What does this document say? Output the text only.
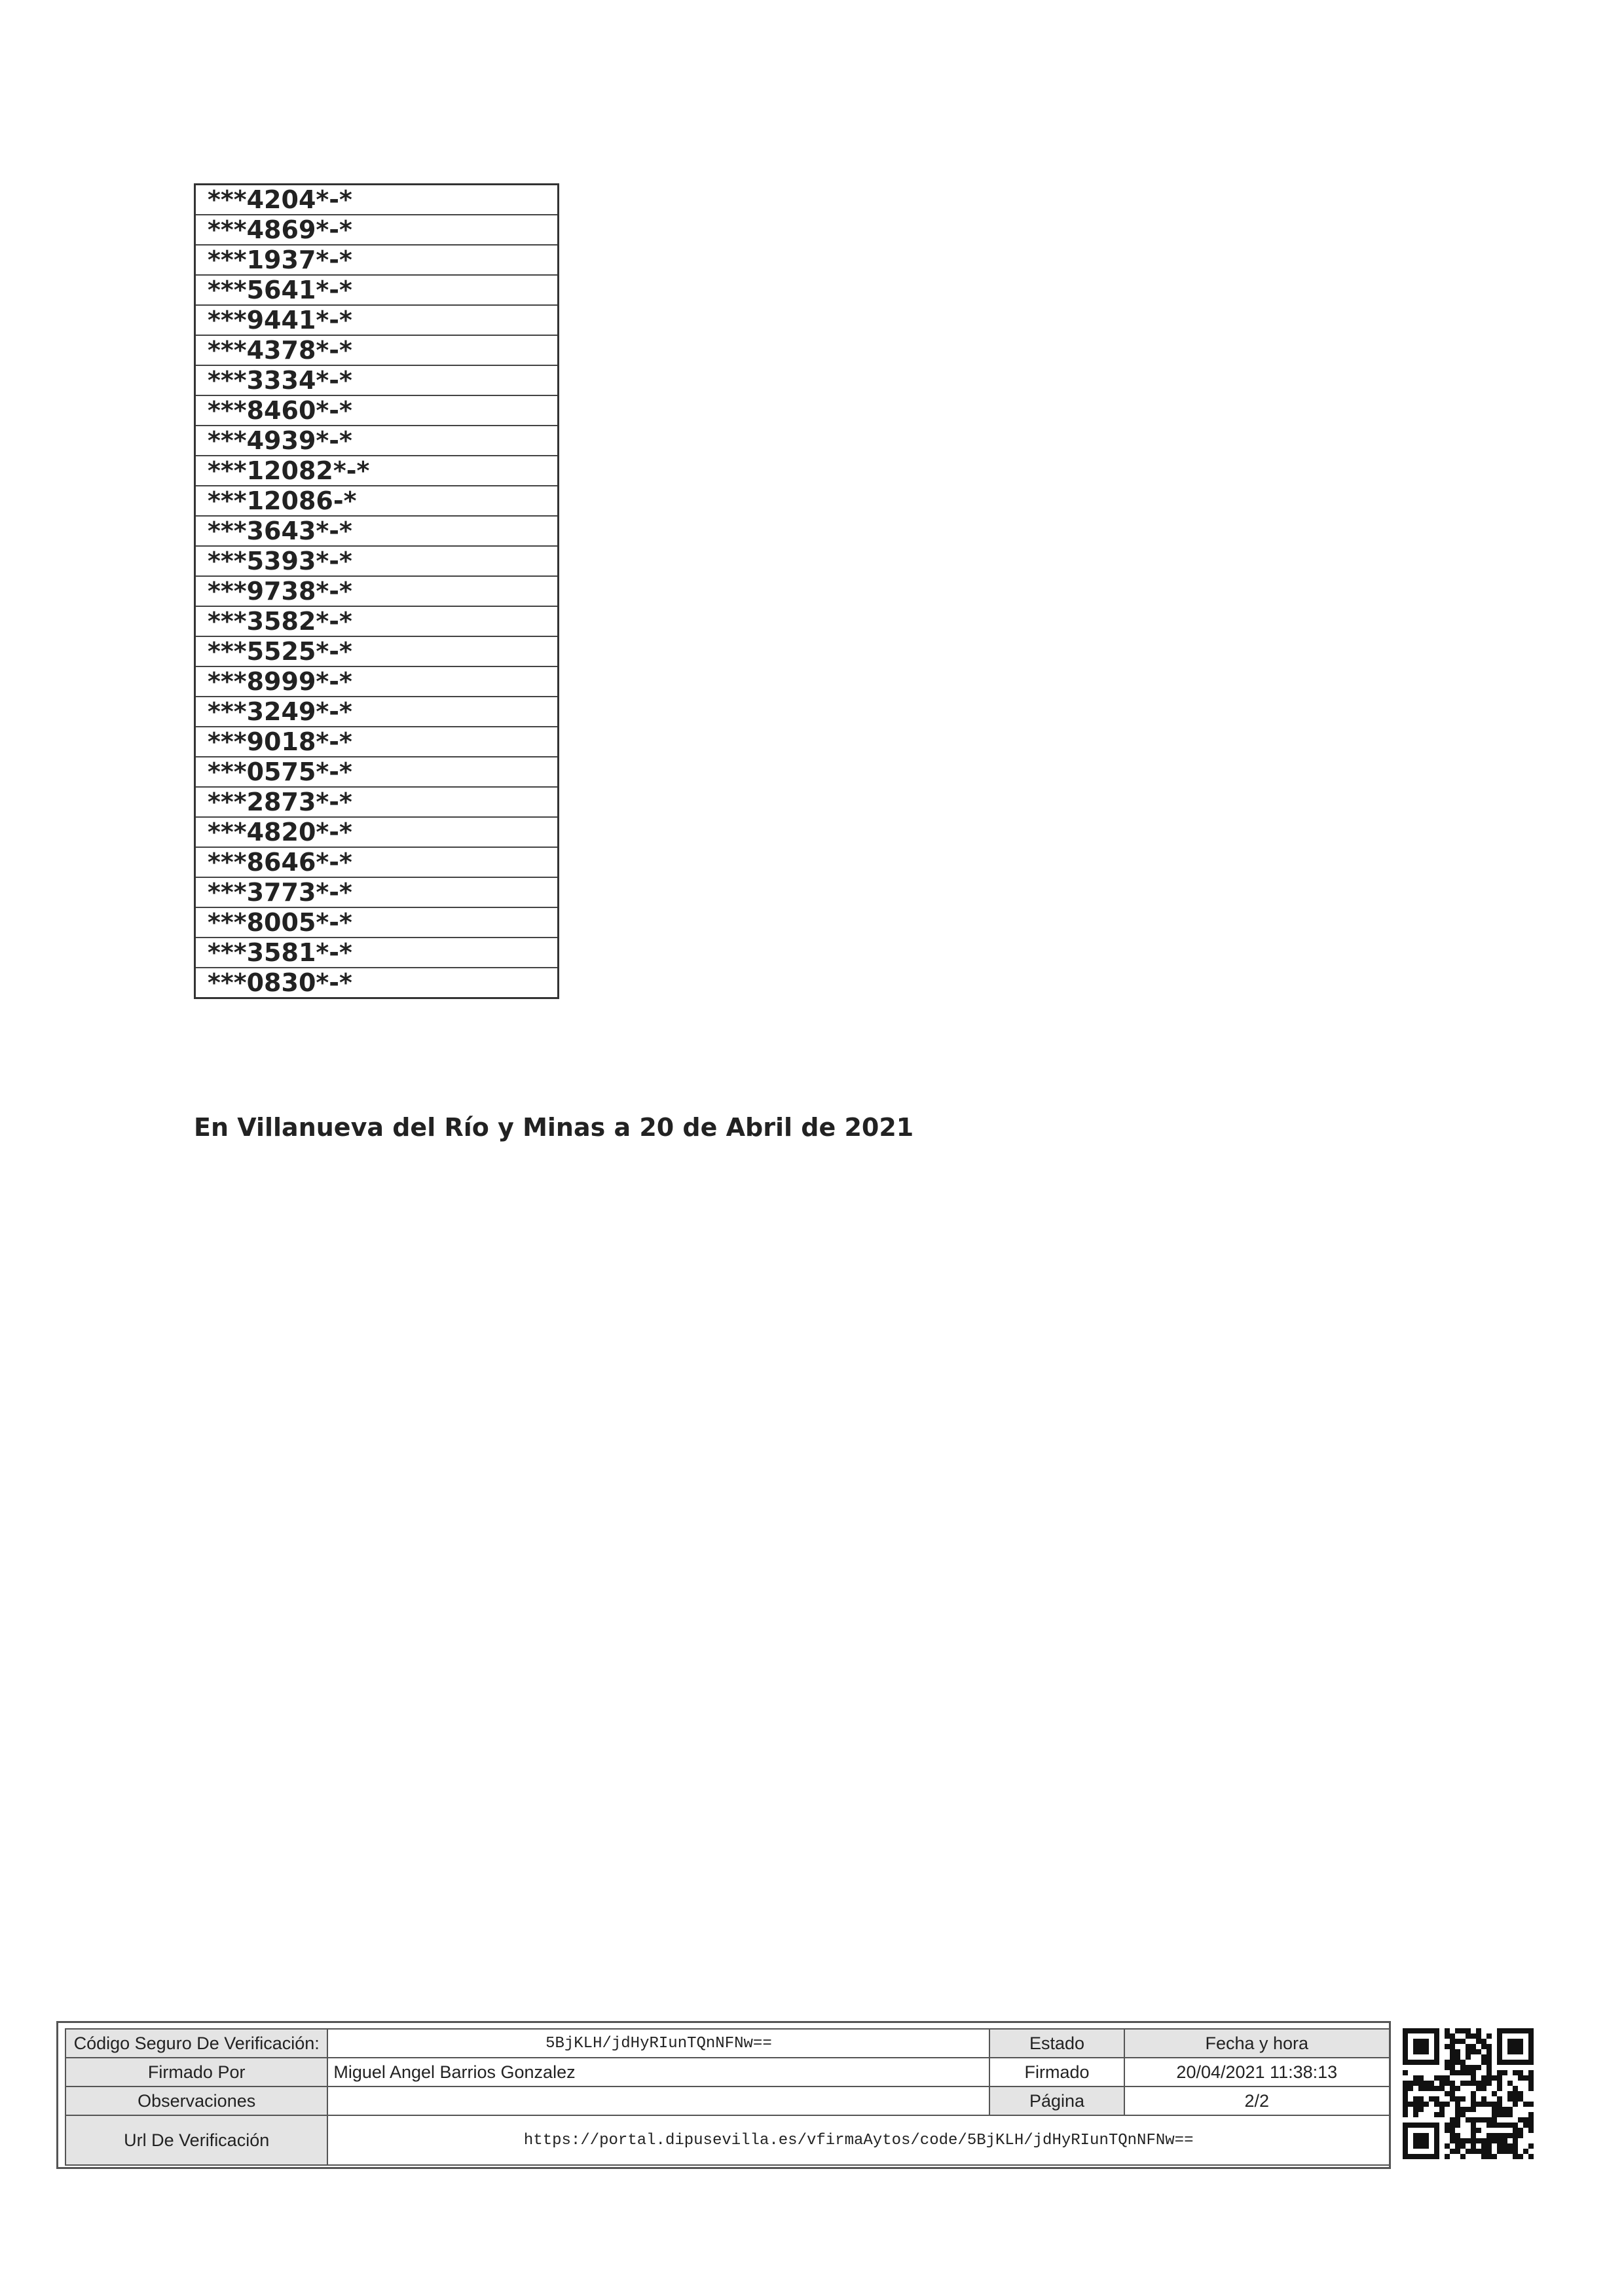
***4204*-*
***4869*-*
***1937*-*
***5641*-*
***9441*-*
***4378*-*
***3334*-*
***8460*-*
***4939*-*
***12082*-*
***12086-*
***3643*-*
***5393*-*
***9738*-*
***3582*-*
***5525*-*
***8999*-*
***3249*-*
***9018*-*
***0575*-*
***2873*-*
***4820*-*
***8646*-*
***3773*-*
***8005*-*
***3581*-*
***0830*-*
En Villanueva del Río y Minas a 20 de Abril de 2021
Código Seguro De Verificación:	5BjKLH/jdHyRIunTQnNFNw==	Estado	Fecha y hora
Firmado Por	Miguel Angel Barrios Gonzalez	Firmado	20/04/2021 11:38:13
Observaciones		Página	2/2
Url De Verificación	https://portal.dipusevilla.es/vfirmaAytos/code/5BjKLH/jdHyRIunTQnNFNw==		
